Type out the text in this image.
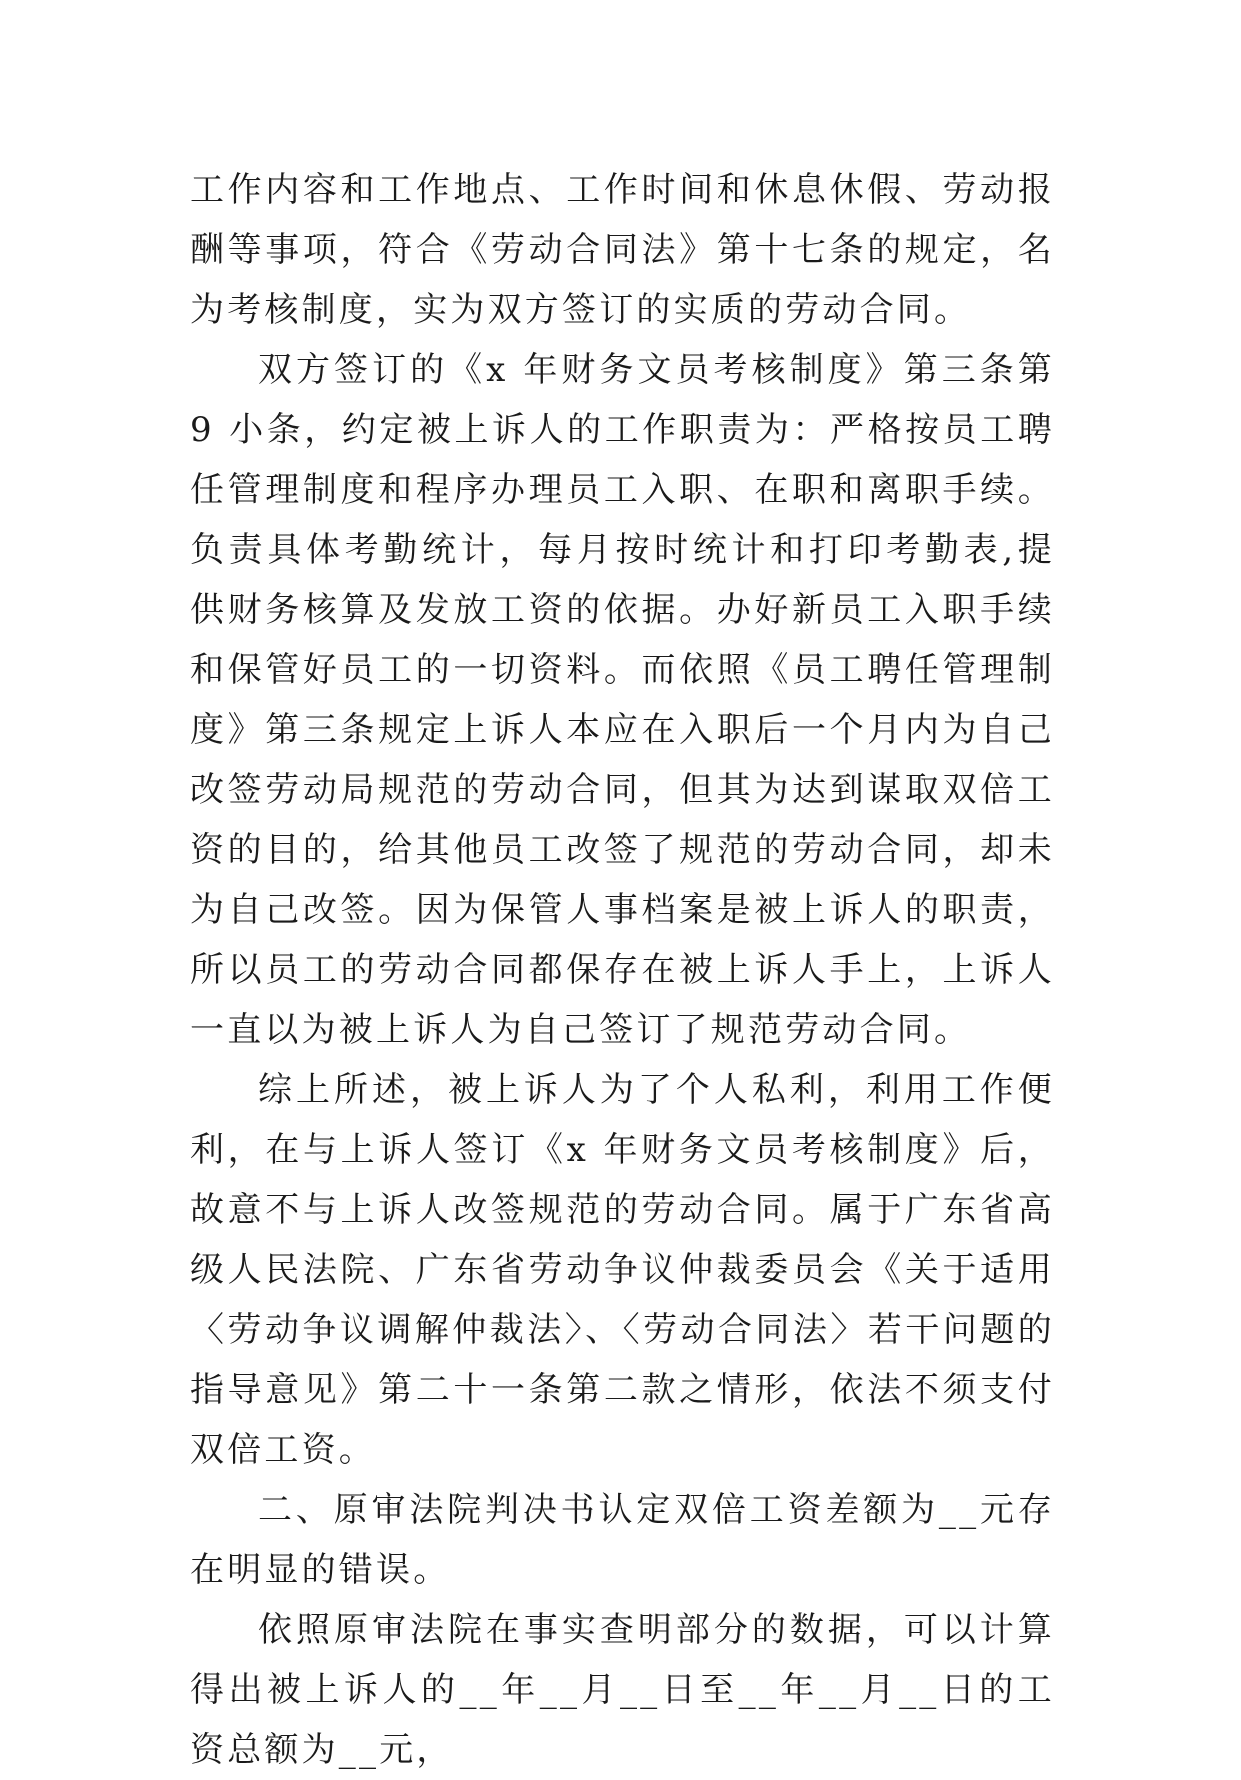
工作内容和工作地点、工作时间和休息休假、劳动报酬等事项，符合《劳动合同法》第十七条的规定，名为考核制度，实为双方签订的实质的劳动合同。

双方签订的《x 年财务文员考核制度》第三条第 9 小条，约定被上诉人的工作职责为：严格按员工聘任管理制度和程序办理员工入职、在职和离职手续。负责具体考勤统计，每月按时统计和打印考勤表,提供财务核算及发放工资的依据。办好新员工入职手续和保管好员工的一切资料。而依照《员工聘任管理制度》第三条规定上诉人本应在入职后一个月内为自己改签劳动局规范的劳动合同，但其为达到谋取双倍工资的目的，给其他员工改签了规范的劳动合同，却未为自己改签。因为保管人事档案是被上诉人的职责，所以员工的劳动合同都保存在被上诉人手上，上诉人一直以为被上诉人为自己签订了规范劳动合同。

综上所述，被上诉人为了个人私利，利用工作便利，在与上诉人签订《x 年财务文员考核制度》后，故意不与上诉人改签规范的劳动合同。属于广东省高级人民法院、广东省劳动争议仲裁委员会《关于适用〈劳动争议调解仲裁法〉、〈劳动合同法〉若干问题的指导意见》第二十一条第二款之情形，依法不须支付双倍工资。

二、原审法院判决书认定双倍工资差额为__元存在明显的错误。

依照原审法院在事实查明部分的数据，可以计算得出被上诉人的__年__月__日至__年__月__日的工资总额为__元，
